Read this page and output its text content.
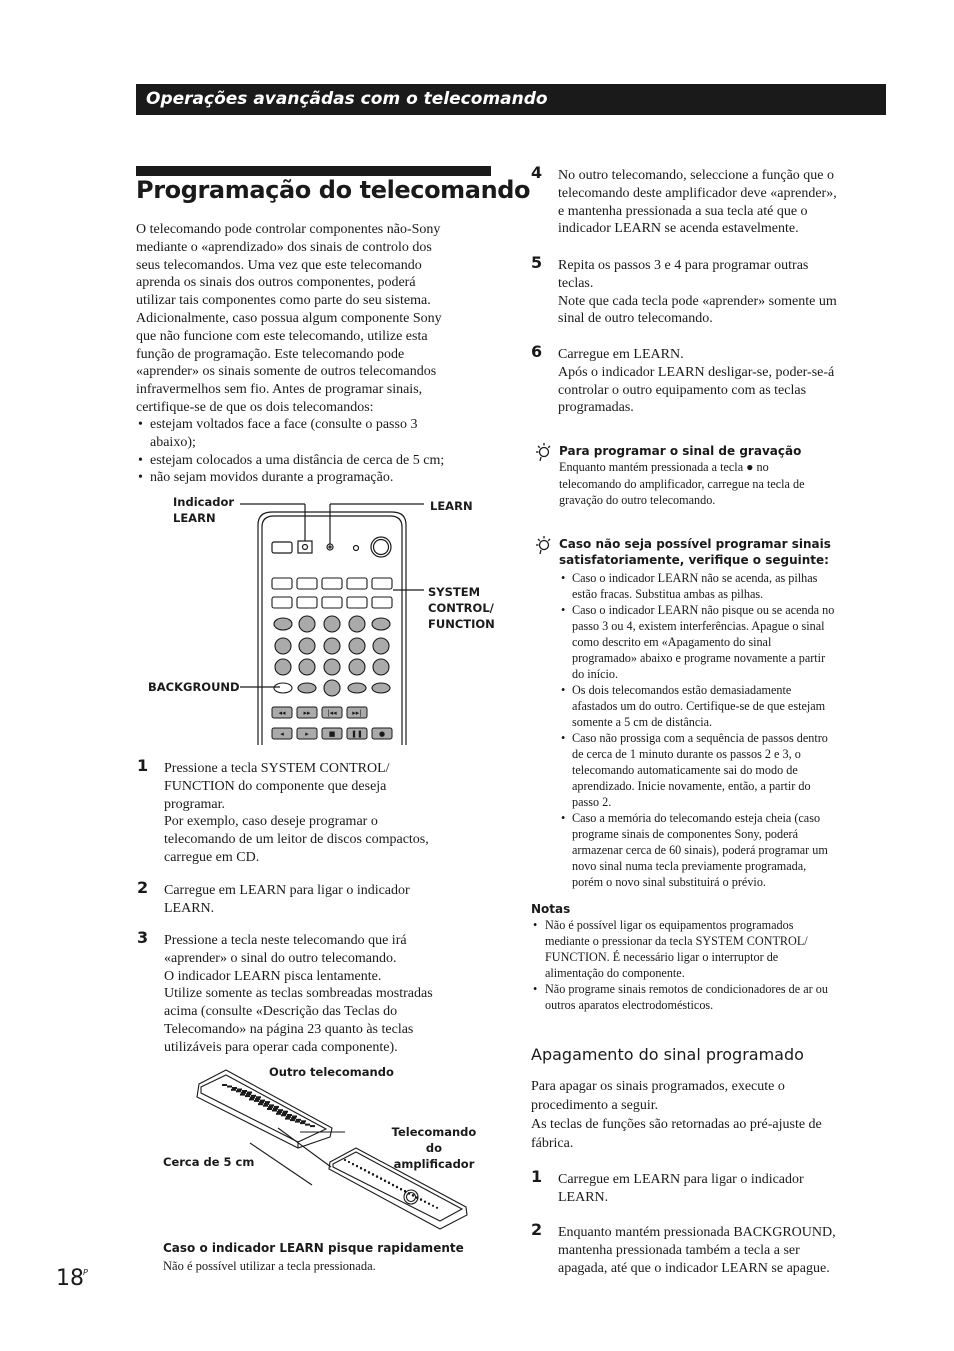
Operações avançãdas com o telecomando
Programação do telecomando
O telecomando pode controlar componentes não-Sony
mediante o «aprendizado» dos sinais de controlo dos
seus telecomandos. Uma vez que este telecomando
aprenda os sinais dos outros componentes, poderá
utilizar tais componentes como parte do seu sistema.
Adicionalmente, caso possua algum componente Sony
que não funcione com este telecomando, utilize esta
função de programação. Este telecomando pode
«aprender» os sinais somente de outros telecomandos
infravermelhos sem fio. Antes de programar sinais,
certifique-se de que os dois telecomandos:
• estejam voltados face a face (consulte o passo 3
abaixo);
• estejam colocados a uma distância de cerca de 5 cm;
• não sejam movidos durante a programação.
Indicador
LEARN
LEARN
SYSTEM
CONTROL/
FUNCTION
BACKGROUND
◂◂	▸▸ |◂◂ ▸▸|
◂	▸	■ ❚❚ ●
1 Pressione a tecla SYSTEM CONTROL/
FUNCTION do componente que deseja
programar.
Por exemplo, caso deseje programar o
telecomando de um leitor de discos compactos,
carregue em CD.
2 Carregue em LEARN para ligar o indicador
LEARN.
3 Pressione a tecla neste telecomando que irá
«aprender» o sinal do outro telecomando.
O indicador LEARN pisca lentamente.
Utilize somente as teclas sombreadas mostradas
acima (consulte «Descrição das Teclas do
Telecomando» na página 23 quanto às teclas
utilizáveis para operar cada componente).
Outro telecomando
Telecomando do
amplificador
Cerca de 5 cm
Caso o indicador LEARN pisque rapidamente
Não é possível utilizar a tecla pressionada.
4 No outro telecomando, seleccione a função que o
telecomando deste amplificador deve «aprender»,
e mantenha pressionada a sua tecla até que o
indicador LEARN se acenda estavelmente.
5 Repita os passos 3 e 4 para programar outras
teclas.
Note que cada tecla pode «aprender» somente um
sinal de outro telecomando.
6 Carregue em LEARN.
Após o indicador LEARN desligar-se, poder-se-á
controlar o outro equipamento com as teclas
programadas.
Para programar o sinal de gravação
Enquanto mantém pressionada a tecla ● no
telecomando do amplificador, carregue na tecla de
gravação do outro telecomando.
Caso não seja possível programar sinais
satisfatoriamente, verifique o seguinte:
• Caso o indicador LEARN não se acenda, as pilhas
estão fracas. Substitua ambas as pilhas.
• Caso o indicador LEARN não pisque ou se acenda no
passo 3 ou 4, existem interferências. Apague o sinal
como descrito em «Apagamento do sinal
programado» abaixo e programe novamente a partir
do início.
• Os dois telecomandos estão demasiadamente
afastados um do outro. Certifique-se de que estejam
somente a 5 cm de distância.
• Caso não prossiga com a sequência de passos dentro
de cerca de 1 minuto durante os passos 2 e 3, o
telecomando automaticamente sai do modo de
aprendizado. Inicie novamente, então, a partir do
passo 2.
• Caso a memória do telecomando esteja cheia (caso
programe sinais de componentes Sony, poderá
armazenar cerca de 60 sinais), poderá programar um
novo sinal numa tecla previamente programada,
porém o novo sinal substituirá o prévio.
Notas
• Não é possível ligar os equipamentos programados
mediante o pressionar da tecla SYSTEM CONTROL/
FUNCTION. É necessário ligar o interruptor de
alimentação do componente.
• Não programe sinais remotos de condicionadores de ar ou
outros aparatos electrodomésticos.
Apagamento do sinal programado
Para apagar os sinais programados, execute o
procedimento a seguir.
As teclas de funções são retornadas ao pré-ajuste de
fábrica.
1 Carregue em LEARN para ligar o indicador
LEARN.
2 Enquanto mantém pressionada BACKGROUND,
mantenha pressionada também a tecla a ser
apagada, até que o indicador LEARN se apague.
18 P
